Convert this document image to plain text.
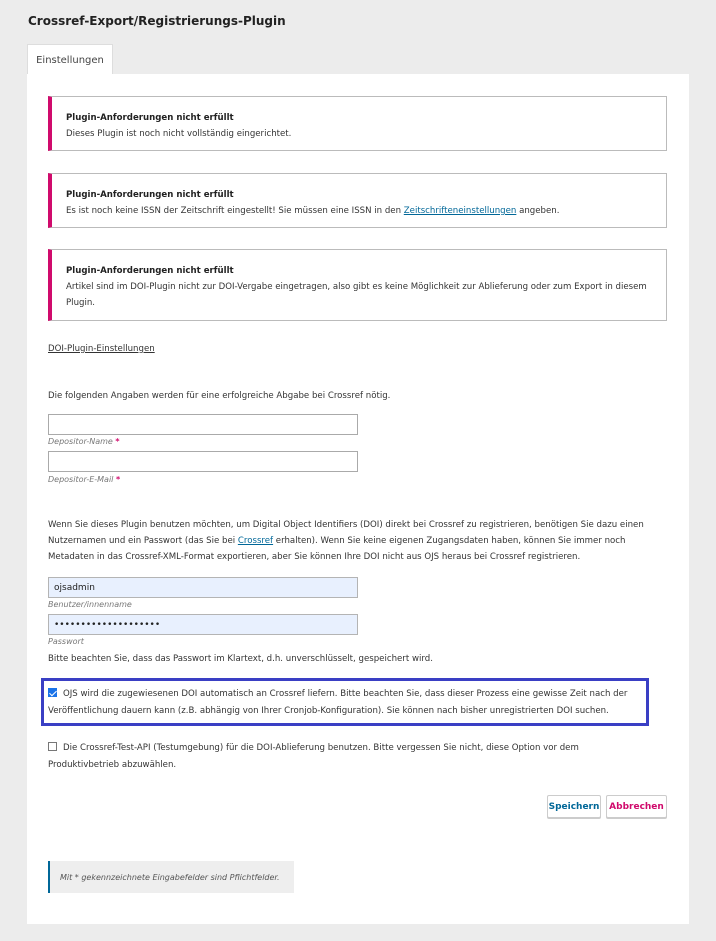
Crossref-Export/Registrierungs-Plugin
Einstellungen
Plugin-Anforderungen nicht erfüllt
Dieses Plugin ist noch nicht vollständig eingerichtet.
Plugin-Anforderungen nicht erfüllt
Es ist noch keine ISSN der Zeitschrift eingestellt! Sie müssen eine ISSN in den Zeitschrifteneinstellungen angeben.
Plugin-Anforderungen nicht erfüllt
Artikel sind im DOI-Plugin nicht zur DOI-Vergabe eingetragen, also gibt es keine Möglichkeit zur Ablieferung oder zum Export in diesem Plugin.
DOI-Plugin-Einstellungen
Die folgenden Angaben werden für eine erfolgreiche Abgabe bei Crossref nötig.
Depositor-Name *
Depositor-E-Mail *
Wenn Sie dieses Plugin benutzen möchten, um Digital Object Identifiers (DOI) direkt bei Crossref zu registrieren, benötigen Sie dazu einen Nutzernamen und ein Passwort (das Sie bei Crossref erhalten). Wenn Sie keine eigenen Zugangsdaten haben, können Sie immer noch Metadaten in das Crossref-XML-Format exportieren, aber Sie können Ihre DOI nicht aus OJS heraus bei Crossref registrieren.
ojsadmin
Benutzer/innenname
••••••••••••••••••••
Passwort
Bitte beachten Sie, dass das Passwort im Klartext, d.h. unverschlüsselt, gespeichert wird.
OJS wird die zugewiesenen DOI automatisch an Crossref liefern. Bitte beachten Sie, dass dieser Prozess eine gewisse Zeit nach der Veröffentlichung dauern kann (z.B. abhängig von Ihrer Cronjob-Konfiguration). Sie können nach bisher unregistrierten DOI suchen.
Die Crossref-Test-API (Testumgebung) für die DOI-Ablieferung benutzen. Bitte vergessen Sie nicht, diese Option vor dem Produktivbetrieb abzuwählen.
Speichern	Abbrechen
Mit * gekennzeichnete Eingabefelder sind Pflichtfelder.
